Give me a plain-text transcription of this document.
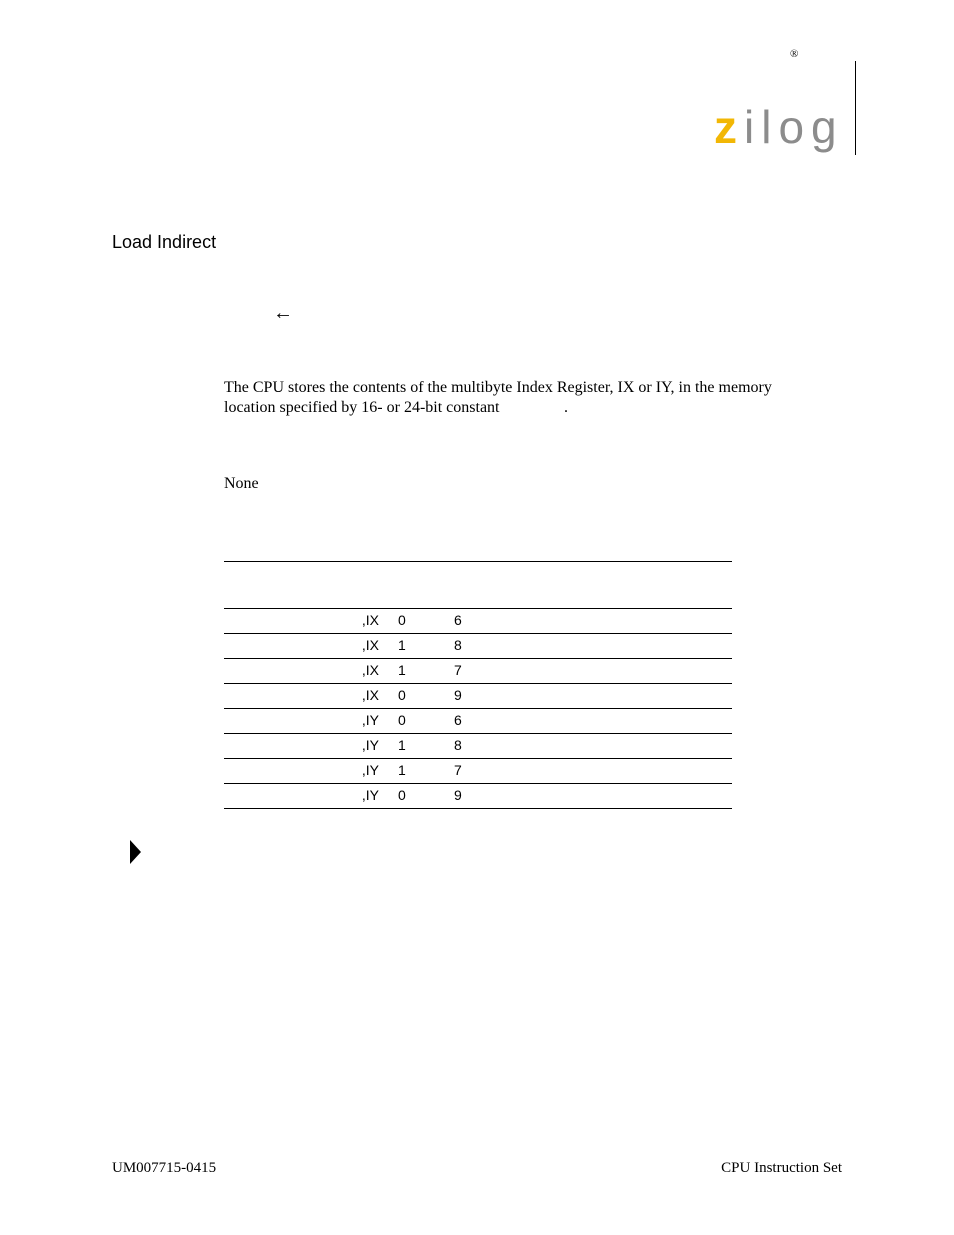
®
zilog
Load Indirect
←
The CPU stores the contents of the multibyte Index Register, IX or IY, in the memory
location specified by 16- or 24-bit constant	.
None
,IX 0	6
,IX 1	8
,IX 1	7
,IX 0	9
,IY 0	6
,IY 1	8
,IY 1	7
,IY 0	9
UM007715-0415	CPU Instruction Set
